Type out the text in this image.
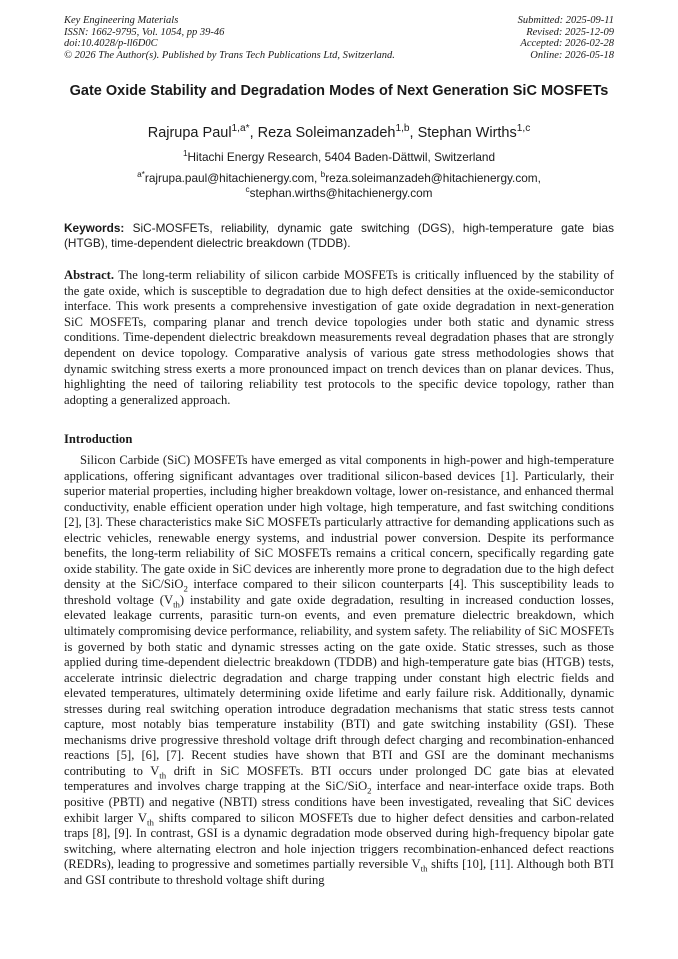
Key Engineering Materials
ISSN: 1662-9795, Vol. 1054, pp 39-46
doi:10.4028/p-ll6D0C
© 2026 The Author(s). Published by Trans Tech Publications Ltd, Switzerland.
Submitted: 2025-09-11
Revised: 2025-12-09
Accepted: 2026-02-28
Online: 2026-05-18
Gate Oxide Stability and Degradation Modes of Next Generation SiC MOSFETs
Rajrupa Paul$^{1,a*}$, Reza Soleimanzadeh$^{1,b}$, Stephan Wirths$^{1,c}$
$^1$Hitachi Energy Research, 5404 Baden-Dättwil, Switzerland
$^{a*}$rajrupa.paul@hitachienergy.com, $^b$reza.soleimanzadeh@hitachienergy.com,
$^c$stephan.wirths@hitachienergy.com
Keywords: SiC-MOSFETs, reliability, dynamic gate switching (DGS), high-temperature gate bias (HTGB), time-dependent dielectric breakdown (TDDB).
Abstract. The long-term reliability of silicon carbide MOSFETs is critically influenced by the stability of the gate oxide, which is susceptible to degradation due to high defect densities at the oxide-semiconductor interface. This work presents a comprehensive investigation of gate oxide degradation in next-generation SiC MOSFETs, comparing planar and trench device topologies under both static and dynamic stress conditions. Time-dependent dielectric breakdown measurements reveal degradation phases that are strongly dependent on device topology. Comparative analysis of various gate stress methodologies shows that dynamic switching stress exerts a more pronounced impact on trench devices than on planar devices. Thus, highlighting the need of tailoring reliability test protocols to the specific device topology, rather than adopting a generalized approach.
Introduction
Silicon Carbide (SiC) MOSFETs have emerged as vital components in high-power and high-temperature applications, offering significant advantages over traditional silicon-based devices [1]. Particularly, their superior material properties, including higher breakdown voltage, lower on-resistance, and enhanced thermal conductivity, enable efficient operation under high voltage, high temperature, and fast switching conditions [2], [3]. These characteristics make SiC MOSFETs particularly attractive for demanding applications such as electric vehicles, renewable energy systems, and industrial power conversion. Despite its performance benefits, the long-term reliability of SiC MOSFETs remains a critical concern, specifically regarding gate oxide stability. The gate oxide in SiC devices are inherently more prone to degradation due to the high defect density at the SiC/SiO$_2$ interface compared to their silicon counterparts [4]. This susceptibility leads to threshold voltage $(V_{th})$ instability and gate oxide degradation, resulting in increased conduction losses, elevated leakage currents, parasitic turn-on events, and even premature dielectric breakdown, which ultimately compromising device performance, reliability, and system safety. The reliability of SiC MOSFETs is governed by both static and dynamic stresses acting on the gate oxide. Static stresses, such as those applied during time-dependent dielectric breakdown (TDDB) and high-temperature gate bias (HTGB) tests, accelerate intrinsic dielectric degradation and charge trapping under constant high electric fields and elevated temperatures, ultimately determining oxide lifetime and early failure risk. Additionally, dynamic stresses during real switching operation introduce degradation mechanisms that static stress tests cannot capture, most notably bias temperature instability (BTI) and gate switching instability (GSI). These mechanisms drive progressive threshold voltage drift through defect charging and recombination-enhanced reactions [5], [6], [7]. Recent studies have shown that BTI and GSI are the dominant mechanisms contributing to $V_{th}$ drift in SiC MOSFETs. BTI occurs under prolonged DC gate bias at elevated temperatures and involves charge trapping at the SiC/SiO$_2$ interface and near-interface oxide traps. Both positive (PBTI) and negative (NBTI) stress conditions have been investigated, revealing that SiC devices exhibit larger $V_{th}$ shifts compared to silicon MOSFETs due to higher defect densities and carbon-related traps [8], [9]. In contrast, GSI is a dynamic degradation mode observed during high-frequency bipolar gate switching, where alternating electron and hole injection triggers recombination-enhanced defect reactions (REDRs), leading to progressive and sometimes partially reversible $V_{th}$ shifts [10], [11]. Although both BTI and GSI contribute to threshold voltage shift during
